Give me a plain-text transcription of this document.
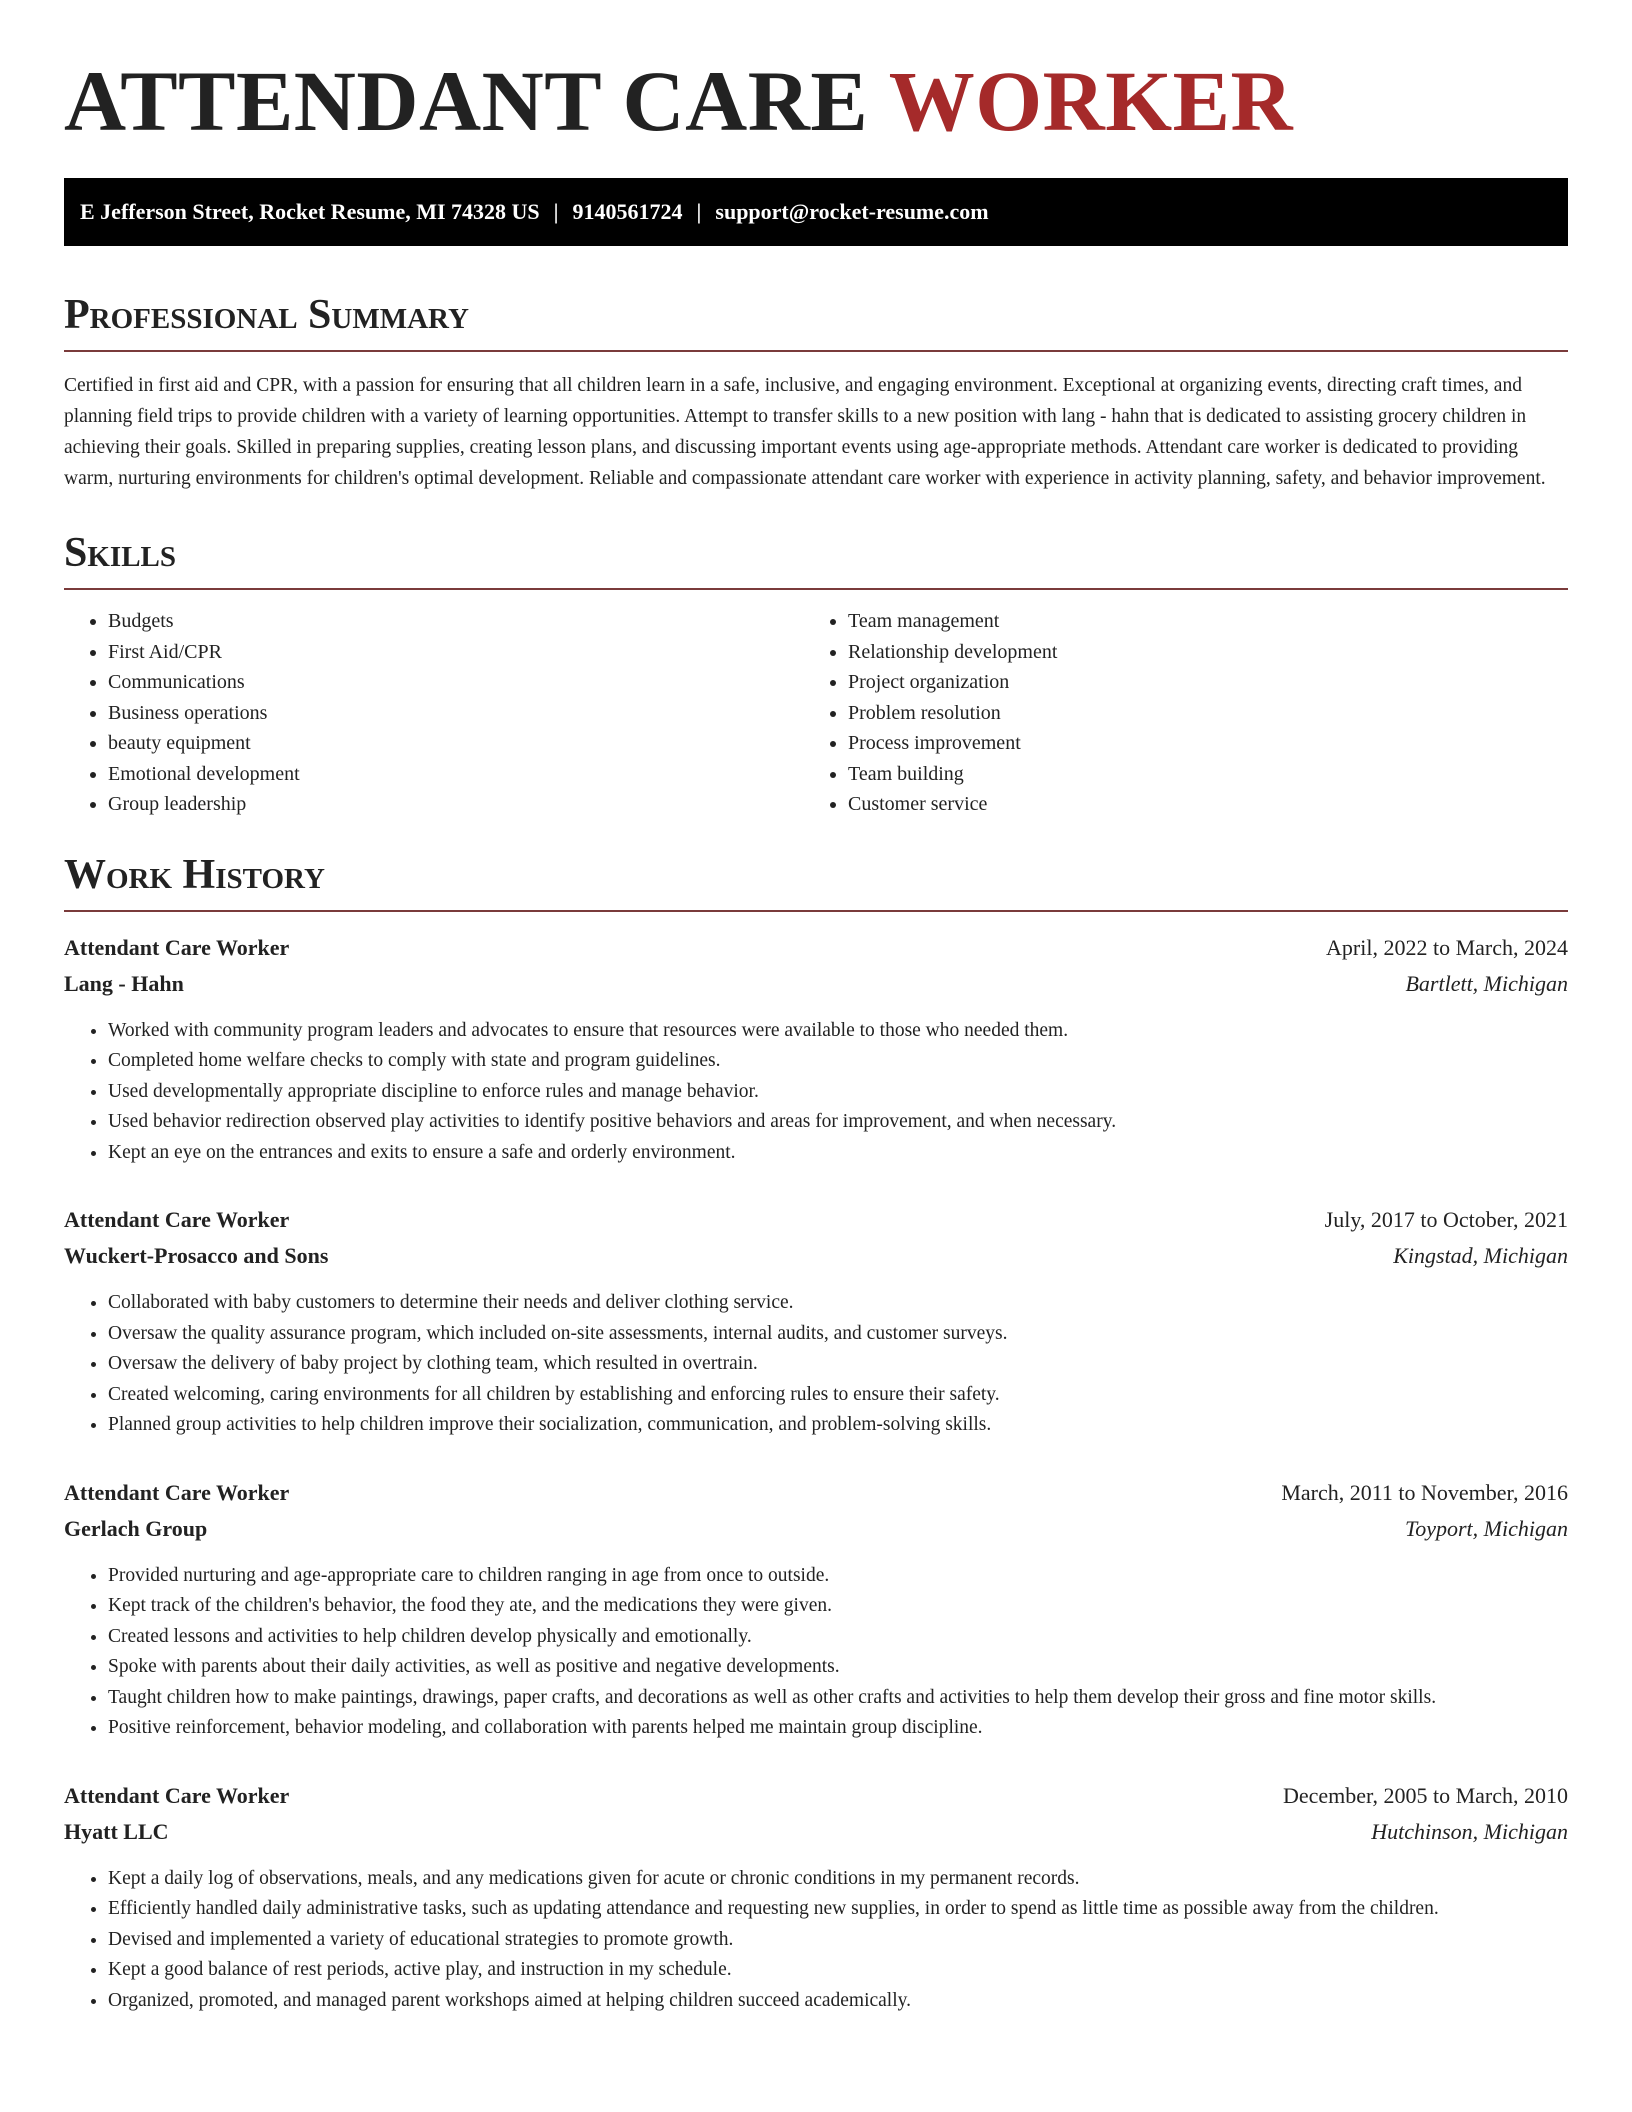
ATTENDANT CARE WORKER
E Jefferson Street, Rocket Resume, MI 74328 US | 9140561724 | support@rocket-resume.com
Professional Summary

Certified in first aid and CPR, with a passion for ensuring that all children learn in a safe, inclusive, and engaging environment. Exceptional at organizing events, directing craft times, and planning field trips to provide children with a variety of learning opportunities. Attempt to transfer skills to a new position with lang - hahn that is dedicated to assisting grocery children in achieving their goals. Skilled in preparing supplies, creating lesson plans, and discussing important events using age-appropriate methods. Attendant care worker is dedicated to providing warm, nurturing environments for children's optimal development. Reliable and compassionate attendant care worker with experience in activity planning, safety, and behavior improvement.

Skills
• Budgets
• First Aid/CPR
• Communications
• Business operations
• beauty equipment
• Emotional development
• Group leadership
• Team management
• Relationship development
• Project organization
• Problem resolution
• Process improvement
• Team building
• Customer service
Work History
Attendant Care Worker	April, 2022 to March, 2024
Lang - Hahn	Bartlett, Michigan
• Worked with community program leaders and advocates to ensure that resources were available to those who needed them.
• Completed home welfare checks to comply with state and program guidelines.
• Used developmentally appropriate discipline to enforce rules and manage behavior.
• Used behavior redirection observed play activities to identify positive behaviors and areas for improvement, and when necessary.
• Kept an eye on the entrances and exits to ensure a safe and orderly environment.
Attendant Care Worker	July, 2017 to October, 2021
Wuckert-Prosacco and Sons	Kingstad, Michigan
• Collaborated with baby customers to determine their needs and deliver clothing service.
• Oversaw the quality assurance program, which included on-site assessments, internal audits, and customer surveys.
• Oversaw the delivery of baby project by clothing team, which resulted in overtrain.
• Created welcoming, caring environments for all children by establishing and enforcing rules to ensure their safety.
• Planned group activities to help children improve their socialization, communication, and problem-solving skills.
Attendant Care Worker	March, 2011 to November, 2016
Gerlach Group	Toyport, Michigan
• Provided nurturing and age-appropriate care to children ranging in age from once to outside.
• Kept track of the children's behavior, the food they ate, and the medications they were given.
• Created lessons and activities to help children develop physically and emotionally.
• Spoke with parents about their daily activities, as well as positive and negative developments.
• Taught children how to make paintings, drawings, paper crafts, and decorations as well as other crafts and activities to help them develop their gross and fine motor skills.
• Positive reinforcement, behavior modeling, and collaboration with parents helped me maintain group discipline.
Attendant Care Worker	December, 2005 to March, 2010
Hyatt LLC	Hutchinson, Michigan
• Kept a daily log of observations, meals, and any medications given for acute or chronic conditions in my permanent records.
• Efficiently handled daily administrative tasks, such as updating attendance and requesting new supplies, in order to spend as little time as possible away from the children.
• Devised and implemented a variety of educational strategies to promote growth.
• Kept a good balance of rest periods, active play, and instruction in my schedule.
• Organized, promoted, and managed parent workshops aimed at helping children succeed academically.
